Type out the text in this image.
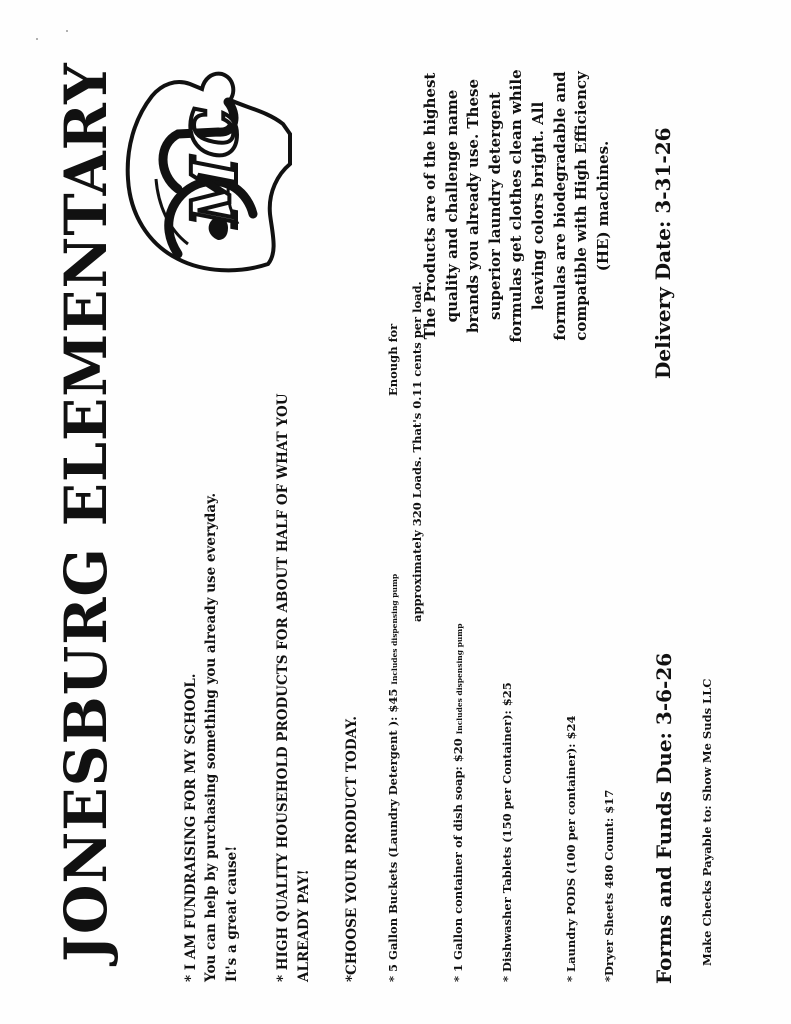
JONESBURG ELEMENTARY MC
* I AM FUNDRAISING FOR MY SCHOOL. You can help by purchasing something you already use everyday. It's a great cause!	* HIGH QUALITY HOUSEHOLD PRODUCTS FOR ABOUT HALF OF WHAT YOU ALREADY PAY! *CHOOSE YOUR PRODUCT TODAY. * 5 Gallon Buckets (Laundry Detergent ): $45 Includes dispensing pump
Enough for approximately 320 Loads. That's 0.11 cents per load.
* 1 Gallon container of dish soap: $20 Includes dispensing pump
* Dishwasher Tablets (150 per Container): $25	* Laundry PODS (100 per container): $24 *Dryer Sheets 480 Count: $17
The Products are of the highest quality and challenge name brands you already use. These superior laundry detergent formulas get clothes clean while leaving colors bright. All formulas are biodegradable and compatible with High Efficiency (HE) machines.
Forms and Funds Due: 3-6-26
Delivery Date: 3-31-26
Make Checks Payable to: Show Me Suds LLC
